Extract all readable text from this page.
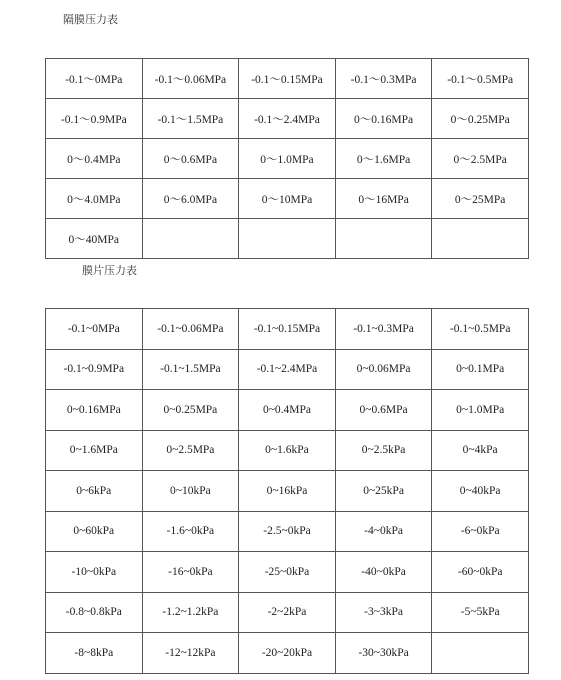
隔膜压力表
-0.1～0MPa	-0.1～0.06MPa	-0.1～0.15MPa	-0.1～0.3MPa	-0.1～0.5MPa
-0.1～0.9MPa	-0.1～1.5MPa	-0.1～2.4MPa	0～0.16MPa	0～0.25MPa
0～0.4MPa	0～0.6MPa	0～1.0MPa	0～1.6MPa	0～2.5MPa
0～4.0MPa	0～6.0MPa	0～10MPa	0～16MPa	0～25MPa
0～40MPa				
膜片压力表
-0.1~0MPa	-0.1~0.06MPa	-0.1~0.15MPa	-0.1~0.3MPa	-0.1~0.5MPa
-0.1~0.9MPa	-0.1~1.5MPa	-0.1~2.4MPa	0~0.06MPa	0~0.1MPa
0~0.16MPa	0~0.25MPa	0~0.4MPa	0~0.6MPa	0~1.0MPa
0~1.6MPa	0~2.5MPa	0~1.6kPa	0~2.5kPa	0~4kPa
0~6kPa	0~10kPa	0~16kPa	0~25kPa	0~40kPa
0~60kPa	-1.6~0kPa	-2.5~0kPa	-4~0kPa	-6~0kPa
-10~0kPa	-16~0kPa	-25~0kPa	-40~0kPa	-60~0kPa
-0.8~0.8kPa	-1.2~1.2kPa	-2~2kPa	-3~3kPa	-5~5kPa
-8~8kPa	-12~12kPa	-20~20kPa	-30~30kPa	
